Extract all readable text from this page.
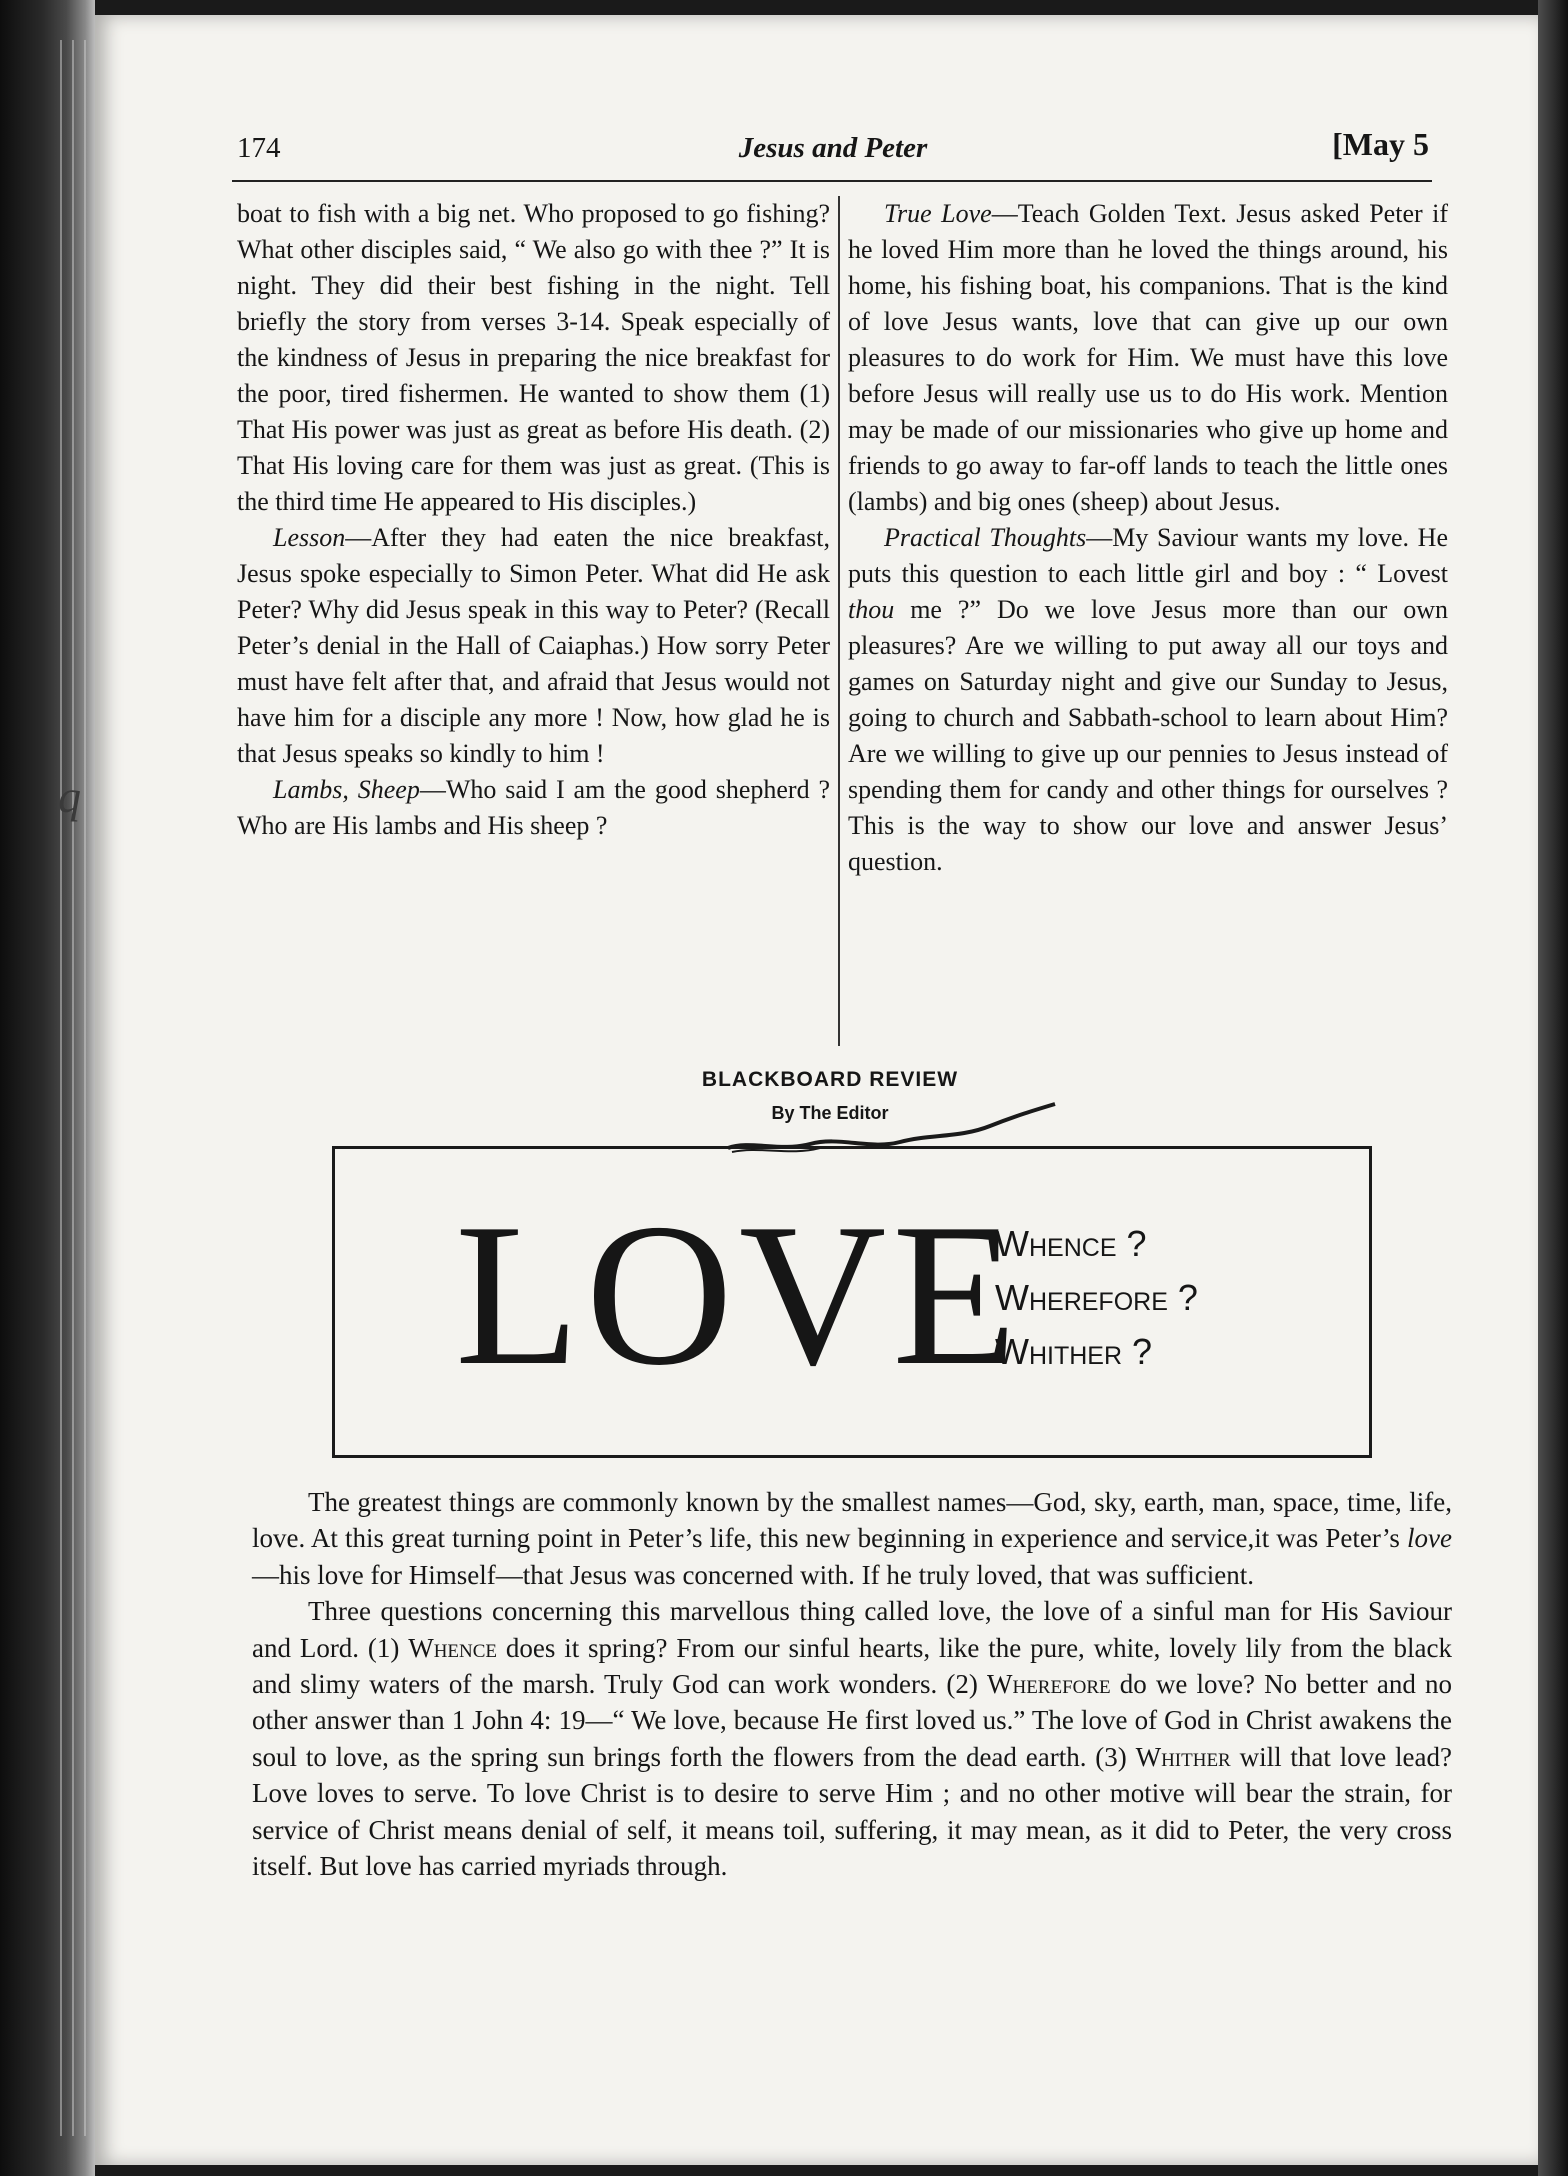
q
174	Jesus and Peter	[May 5

boat to fish with a big net. Who proposed to go fishing? What other disciples said, “ We also go with thee ?” It is night. They did their best fishing in the night. Tell briefly the story from verses 3-14. Speak especially of the kindness of Jesus in preparing the nice breakfast for the poor, tired fishermen. He wanted to show them (1) That His power was just as great as before His death. (2) That His loving care for them was just as great. (This is the third time He appeared to His disciples.)

Lesson—After they had eaten the nice breakfast, Jesus spoke especially to Simon Peter. What did He ask Peter? Why did Jesus speak in this way to Peter? (Recall Peter’s denial in the Hall of Caiaphas.) How sorry Peter must have felt after that, and afraid that Jesus would not have him for a disciple any more ! Now, how glad he is that Jesus speaks so kindly to him !

Lambs, Sheep—Who said I am the good shepherd ? Who are His lambs and His sheep ?

True Love—Teach Golden Text. Jesus asked Peter if he loved Him more than he loved the things around, his home, his fishing boat, his companions. That is the kind of love Jesus wants, love that can give up our own pleasures to do work for Him. We must have this love before Jesus will really use us to do His work. Mention may be made of our missionaries who give up home and friends to go away to far-off lands to teach the little ones (lambs) and big ones (sheep) about Jesus.

Practical Thoughts—My Saviour wants my love. He puts this question to each little girl and boy : “ Lovest thou me ?” Do we love Jesus more than our own pleasures? Are we willing to put away all our toys and games on Saturday night and give our Sunday to Jesus, going to church and Sabbath-school to learn about Him? Are we willing to give up our pennies to Jesus instead of spending them for candy and other things for ourselves ? This is the way to show our love and answer Jesus’ question.

BLACKBOARD REVIEW
By The Editor
LOVE
Whence ?
Wherefore ?
Whither ?

The greatest things are commonly known by the smallest names—God, sky, earth, man, space, time, life, love. At this great turning point in Peter’s life, this new beginning in experience and service,it was Peter’s love—his love for Himself—that Jesus was concerned with. If he truly loved, that was sufficient.

Three questions concerning this marvellous thing called love, the love of a sinful man for His Saviour and Lord. (1) Whence does it spring? From our sinful hearts, like the pure, white, lovely lily from the black and slimy waters of the marsh. Truly God can work wonders. (2) Wherefore do we love? No better and no other answer than 1 John 4: 19—“ We love, because He first loved us.” The love of God in Christ awakens the soul to love, as the spring sun brings forth the flowers from the dead earth. (3) Whither will that love lead? Love loves to serve. To love Christ is to desire to serve Him ; and no other motive will bear the strain, for service of Christ means denial of self, it means toil, suffering, it may mean, as it did to Peter, the very cross itself. But love has carried myriads through.
